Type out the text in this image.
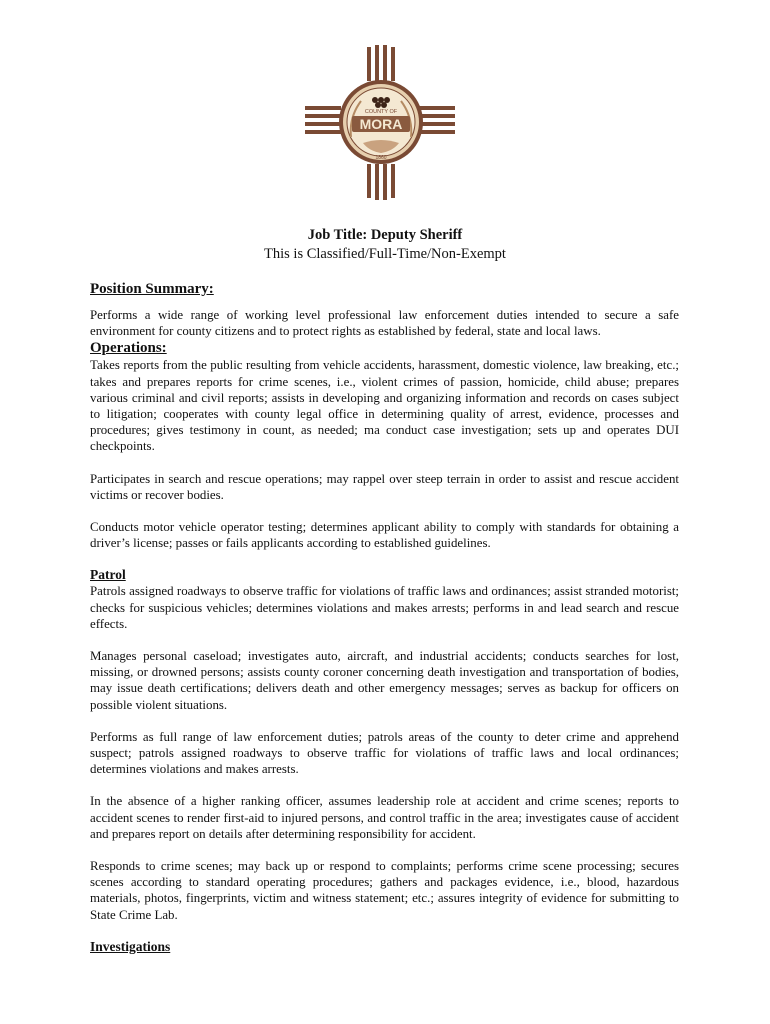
COUNTY OF
MORA
1860
Job Title: Deputy Sheriff
This is Classified/Full-Time/Non-Exempt
Position Summary:

Performs a wide range of working level professional law enforcement duties intended to secure a safe environment for county citizens and to protect rights as established by federal, state and local laws.

Operations:

Takes reports from the public resulting from vehicle accidents, harassment, domestic violence, law breaking, etc.; takes and prepares reports for crime scenes, i.e., violent crimes of passion, homicide, child abuse; prepares various criminal and civil reports; assists in developing and organizing information and records on cases subject to litigation; cooperates with county legal office in determining quality of arrest, evidence, processes and procedures; gives testimony in count, as needed; ma conduct case investigation; sets up and operates DUI checkpoints.

Participates in search and rescue operations; may rappel over steep terrain in order to assist and rescue accident victims or recover bodies.

Conducts motor vehicle operator testing; determines applicant ability to comply with standards for obtaining a driver’s license; passes or fails applicants according to established guidelines.

Patrol

Patrols assigned roadways to observe traffic for violations of traffic laws and ordinances; assist stranded motorist; checks for suspicious vehicles; determines violations and makes arrests; performs in and lead search and rescue effects.

Manages personal caseload; investigates auto, aircraft, and industrial accidents; conducts searches for lost, missing, or drowned persons; assists county coroner concerning death investigation and transportation of bodies, may issue death certifications; delivers death and other emergency messages; serves as backup for officers on possible violent situations.

Performs as full range of law enforcement duties; patrols areas of the county to deter crime and apprehend suspect; patrols assigned roadways to observe traffic for violations of traffic laws and local ordinances; determines violations and makes arrests.

In the absence of a higher ranking officer, assumes leadership role at accident and crime scenes; reports to accident scenes to render first-aid to injured persons, and control traffic in the area; investigates cause of accident and prepares report on details after determining responsibility for accident.

Responds to crime scenes; may back up or respond to complaints; performs crime scene processing; secures scenes according to standard operating procedures; gathers and packages evidence, i.e., blood, hazardous materials, photos, fingerprints, victim and witness statement; etc.; assures integrity of evidence for submitting to State Crime Lab.

Investigations
